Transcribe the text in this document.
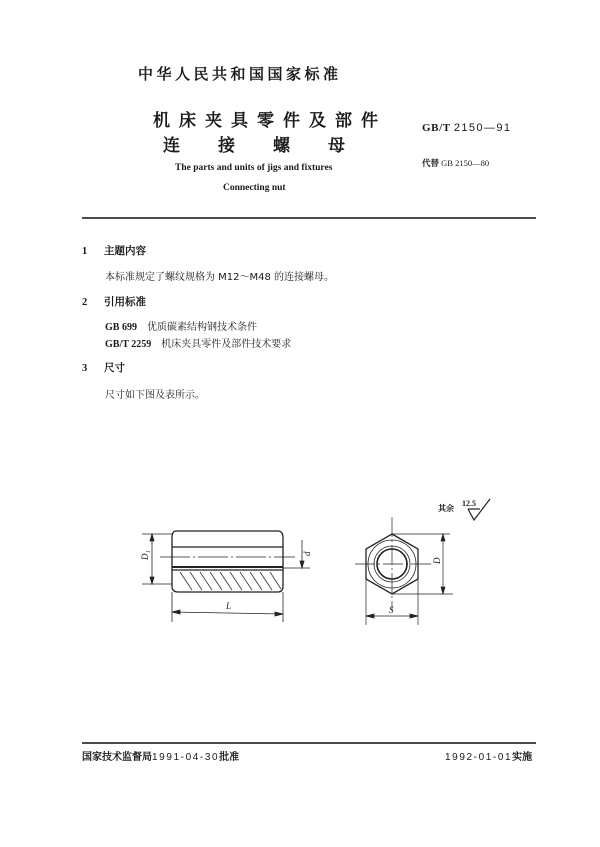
中华人民共和国国家标准
机床夹具零件及部件
连 接 螺 母
The parts and units of jigs and fixtures
Connecting nut
GB/T 2150—91
代替 GB 2150—80
1 主题内容
本标准规定了螺纹规格为 M12～M48 的连接螺母。
2 引用标准
GB 699 优质碳素结构钢技术条件
GB/T 2259 机床夹具零件及部件技术要求
3 尺寸
尺寸如下图及表所示。
其余
12.5
D₁	d
L
D
S
国家技术监督局1991-04-30批准	1992-01-01实施
